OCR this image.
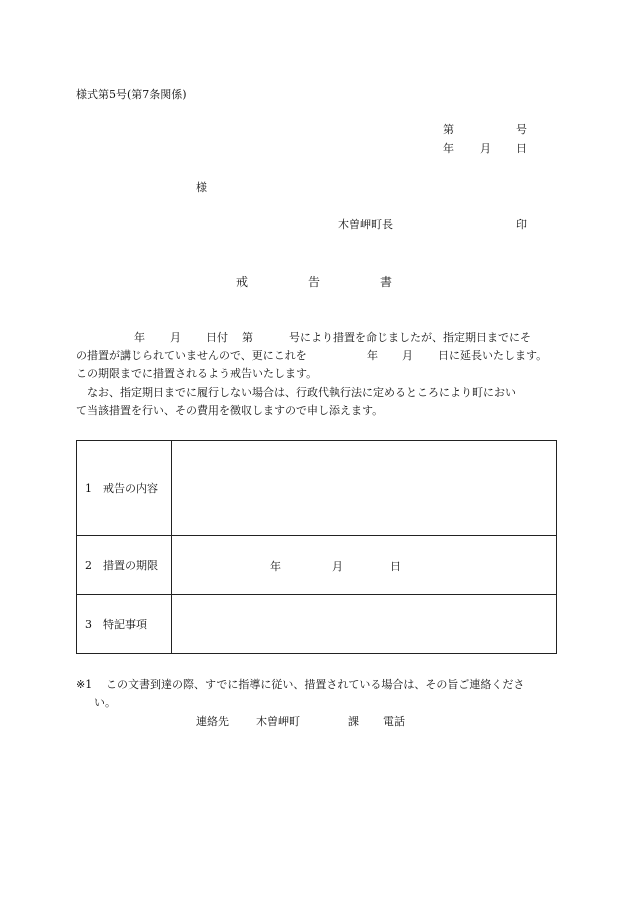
様式第5号(第7条関係)
第	号
年 月 日
様
木曽岬町長	印
戒	告	書
年 月 日付 第	号により措置を命じましたが、指定期日までにそ
の措置が講じられていませんので、更にこれを	年 月 日に延長いたします。
この期限までに措置されるよう戒告いたします。
なお、指定期日までに履行しない場合は、行政代執行法に定めるところにより町におい
て当該措置を行い、その費用を徴収しますので申し添えます。
1　戒告の内容	
2　措置の期限	年 月 日

3　特記事項	
※1 この文書到達の際、すでに指導に従い、措置されている場合は、その旨ご連絡くださ
い。
連絡先 木曽岬町	課 電話
